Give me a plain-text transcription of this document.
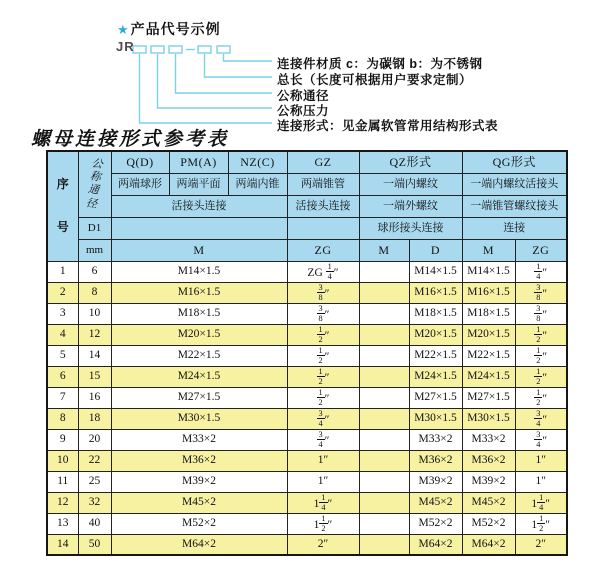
★产品代号示例
JR
连接件材质 c：为碳钢 b：为不锈钢
总长（长度可根据用户要求定制）
公称通径
公称压力
连接形式：见金属软管常用结构形式表
螺母连接形式参考表
序号	公称通径	Q(D)	PM(A)	NZ(C)	GZ	QZ形式		QG形式	
		两端球形	两端平面	两端内锥	两端锥管	一端内螺纹		一端内螺纹活接头	
		活接头连接			活接头连接	一端外螺纹		一端锥管螺纹接头	
	D1					球形接头连接		连接	
	mm	M			ZG	M	D	M	ZG
1	6	M14×1.5			ZG $\frac{1}{4}$ ″		M14×1.5	M14×1.5	$\frac{1}{4}$ ″
2	8	M16×1.5			$\frac{3}{8}$ ″		M16×1.5	M16×1.5	$\frac{3}{8}$ ″
3	10	M18×1.5			$\frac{3}{8}$ ″		M18×1.5	M18×1.5	$\frac{3}{8}$ ″
4	12	M20×1.5			$\frac{1}{2}$ ″		M20×1.5	M20×1.5	$\frac{1}{2}$ ″
5	14	M22×1.5			$\frac{1}{2}$ ″		M22×1.5	M22×1.5	$\frac{1}{2}$ ″
6	15	M24×1.5			$\frac{1}{2}$ ″		M24×1.5	M24×1.5	$\frac{1}{2}$ ″
7	16	M27×1.5			$\frac{1}{2}$ ″		M27×1.5	M27×1.5	$\frac{1}{2}$ ″
8	18	M30×1.5			$\frac{3}{4}$ ″		M30×1.5	M30×1.5	$\frac{3}{4}$ ″
9	20	M33×2			$\frac{3}{4}$ ″		M33×2	M33×2	$\frac{3}{4}$ ″
10	22	M36×2			1″		M36×2	M36×2	1″
11	25	M39×2			1″		M39×2	M39×2	1″
12	32	M45×2			$1 \frac{1}{4}$ ″		M45×2	M45×2	$1 \frac{1}{4}$ ″
13	40	M52×2			$1 \frac{1}{2}$ ″		M52×2	M52×2	$1 \frac{1}{2}$ ″
14	50	M64×2			2″		M64×2	M64×2	2″
